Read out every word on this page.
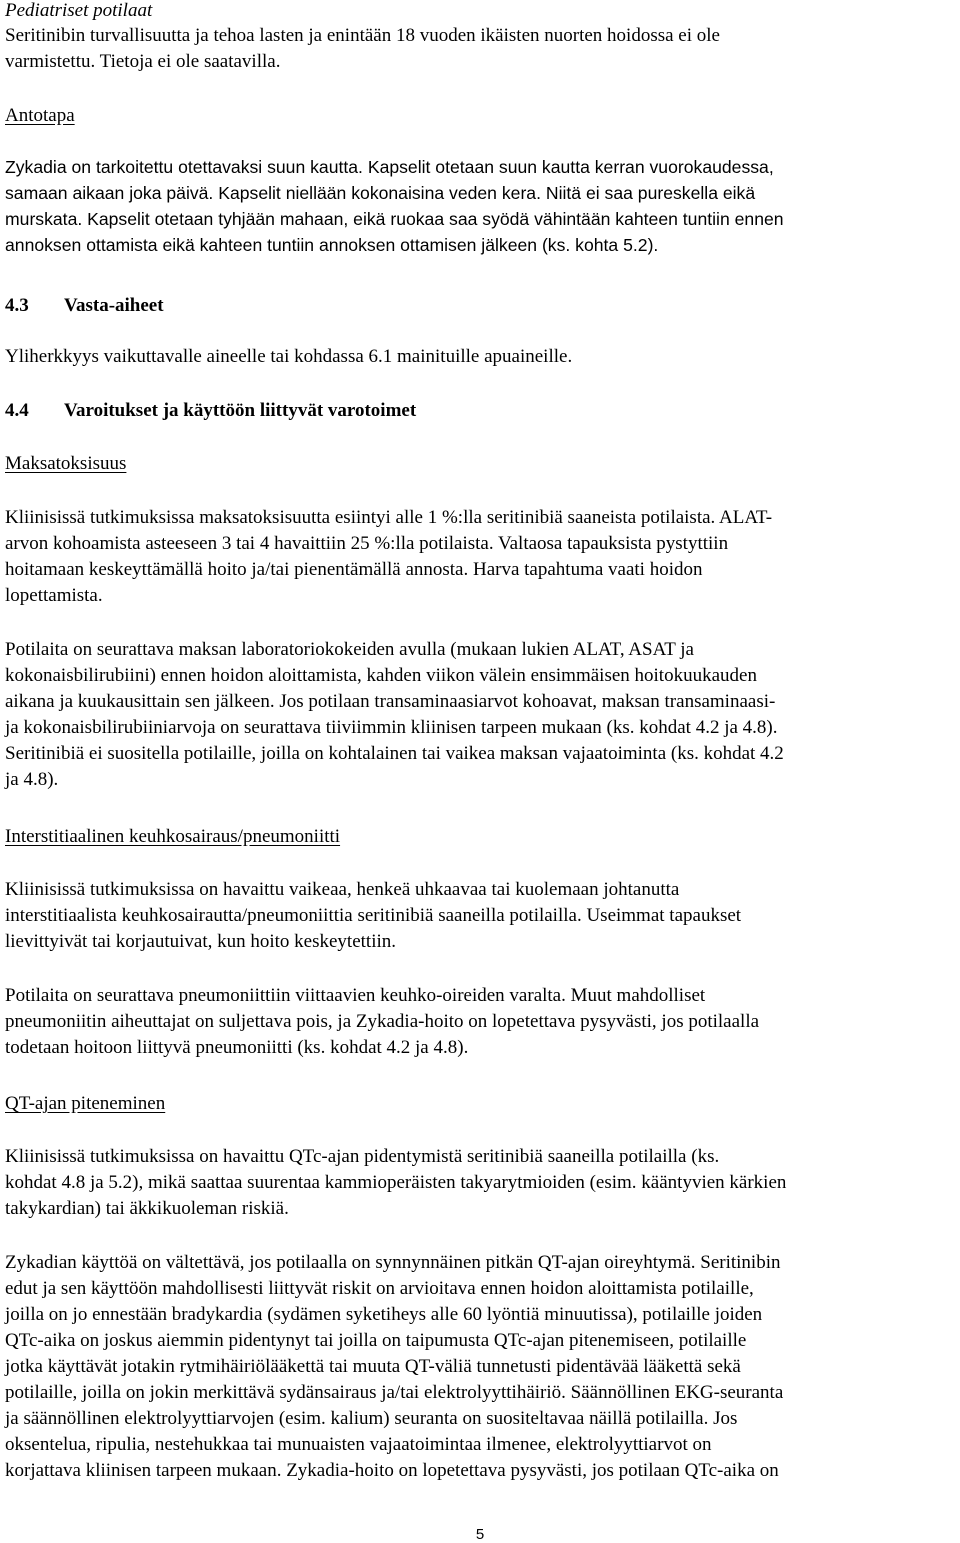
Pediatriset potilaat
Seritinibin turvallisuutta ja tehoa lasten ja enintään 18 vuoden ikäisten nuorten hoidossa ei ole
varmistettu. Tietoja ei ole saatavilla.
Antotapa
Zykadia on tarkoitettu otettavaksi suun kautta. Kapselit otetaan suun kautta kerran vuorokaudessa,
samaan aikaan joka päivä. Kapselit niellään kokonaisina veden kera. Niitä ei saa pureskella eikä
murskata. Kapselit otetaan tyhjään mahaan, eikä ruokaa saa syödä vähintään kahteen tuntiin ennen
annoksen ottamista eikä kahteen tuntiin annoksen ottamisen jälkeen (ks. kohta 5.2).
4.3 Vasta-aiheet
Yliherkkyys vaikuttavalle aineelle tai kohdassa 6.1 mainituille apuaineille.
4.4 Varoitukset ja käyttöön liittyvät varotoimet
Maksatoksisuus
Kliinisissä tutkimuksissa maksatoksisuutta esiintyi alle 1 %:lla seritinibiä saaneista potilaista. ALAT-
arvon kohoamista asteeseen 3 tai 4 havaittiin 25 %:lla potilaista. Valtaosa tapauksista pystyttiin
hoitamaan keskeyttämällä hoito ja/tai pienentämällä annosta. Harva tapahtuma vaati hoidon
lopettamista.
Potilaita on seurattava maksan laboratoriokokeiden avulla (mukaan lukien ALAT, ASAT ja
kokonaisbilirubiini) ennen hoidon aloittamista, kahden viikon välein ensimmäisen hoitokuukauden
aikana ja kuukausittain sen jälkeen. Jos potilaan transaminaasiarvot kohoavat, maksan transaminaasi-
ja kokonaisbilirubiiniarvoja on seurattava tiiviimmin kliinisen tarpeen mukaan (ks. kohdat 4.2 ja 4.8).
Seritinibiä ei suositella potilaille, joilla on kohtalainen tai vaikea maksan vajaatoiminta (ks. kohdat 4.2
ja 4.8).
Interstitiaalinen keuhkosairaus/pneumoniitti
Kliinisissä tutkimuksissa on havaittu vaikeaa, henkeä uhkaavaa tai kuolemaan johtanutta
interstitiaalista keuhkosairautta/pneumoniittia seritinibiä saaneilla potilailla. Useimmat tapaukset
lievittyivät tai korjautuivat, kun hoito keskeytettiin.
Potilaita on seurattava pneumoniittiin viittaavien keuhko-oireiden varalta. Muut mahdolliset
pneumoniitin aiheuttajat on suljettava pois, ja Zykadia-hoito on lopetettava pysyvästi, jos potilaalla
todetaan hoitoon liittyvä pneumoniitti (ks. kohdat 4.2 ja 4.8).
QT-ajan piteneminen
Kliinisissä tutkimuksissa on havaittu QTc-ajan pidentymistä seritinibiä saaneilla potilailla (ks.
kohdat 4.8 ja 5.2), mikä saattaa suurentaa kammioperäisten takyarytmioiden (esim. kääntyvien kärkien
takykardian) tai äkkikuoleman riskiä.
Zykadian käyttöä on vältettävä, jos potilaalla on synnynnäinen pitkän QT-ajan oireyhtymä. Seritinibin
edut ja sen käyttöön mahdollisesti liittyvät riskit on arvioitava ennen hoidon aloittamista potilaille,
joilla on jo ennestään bradykardia (sydämen syketiheys alle 60 lyöntiä minuutissa), potilaille joiden
QTc-aika on joskus aiemmin pidentynyt tai joilla on taipumusta QTc-ajan pitenemiseen, potilaille
jotka käyttävät jotakin rytmihäiriölääkettä tai muuta QT-väliä tunnetusti pidentävää lääkettä sekä
potilaille, joilla on jokin merkittävä sydänsairaus ja/tai elektrolyyttihäiriö. Säännöllinen EKG-seuranta
ja säännöllinen elektrolyyttiarvojen (esim. kalium) seuranta on suositeltavaa näillä potilailla. Jos
oksentelua, ripulia, nestehukkaa tai munuaisten vajaatoimintaa ilmenee, elektrolyyttiarvot on
korjattava kliinisen tarpeen mukaan. Zykadia-hoito on lopetettava pysyvästi, jos potilaan QTc-aika on
5
